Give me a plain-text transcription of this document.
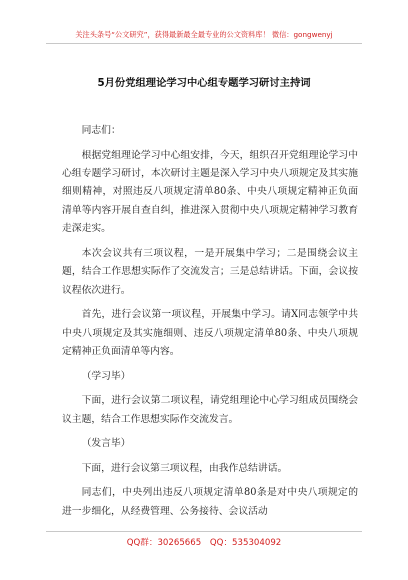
关注头条号“公文研究”，获得最新最全最专业的公文资料库！ 微信：gongwenyj
5月份党组理论学习中心组专题学习研讨主持词

同志们：

根据党组理论学习中心组安排，今天，组织召开党组理论学习中心组专题学习研讨，本次研讨主题是深入学习中央八项规定及其实施细则精神，对照违反八项规定清单80条、中央八项规定精神正负面清单等内容开展自查自纠，推进深入贯彻中央八项规定精神学习教育走深走实。

本次会议共有三项议程，一是开展集中学习；二是围绕会议主题，结合工作思想实际作了交流发言；三是总结讲话。下面，会议按议程依次进行。

首先，进行会议第一项议程，开展集中学习。请X同志领学中共中央八项规定及其实施细则、违反八项规定清单80条、中央八项规定精神正负面清单等内容。

（学习毕）

下面，进行会议第二项议程，请党组理论中心学习组成员围绕会议主题，结合工作思想实际作交流发言。

（发言毕）

下面，进行会议第三项议程，由我作总结讲话。

同志们，中央列出违反八项规定清单80条是对中央八项规定的进一步细化，从经费管理、公务接待、会议活动

QQ群：30265665 QQ：535304092
